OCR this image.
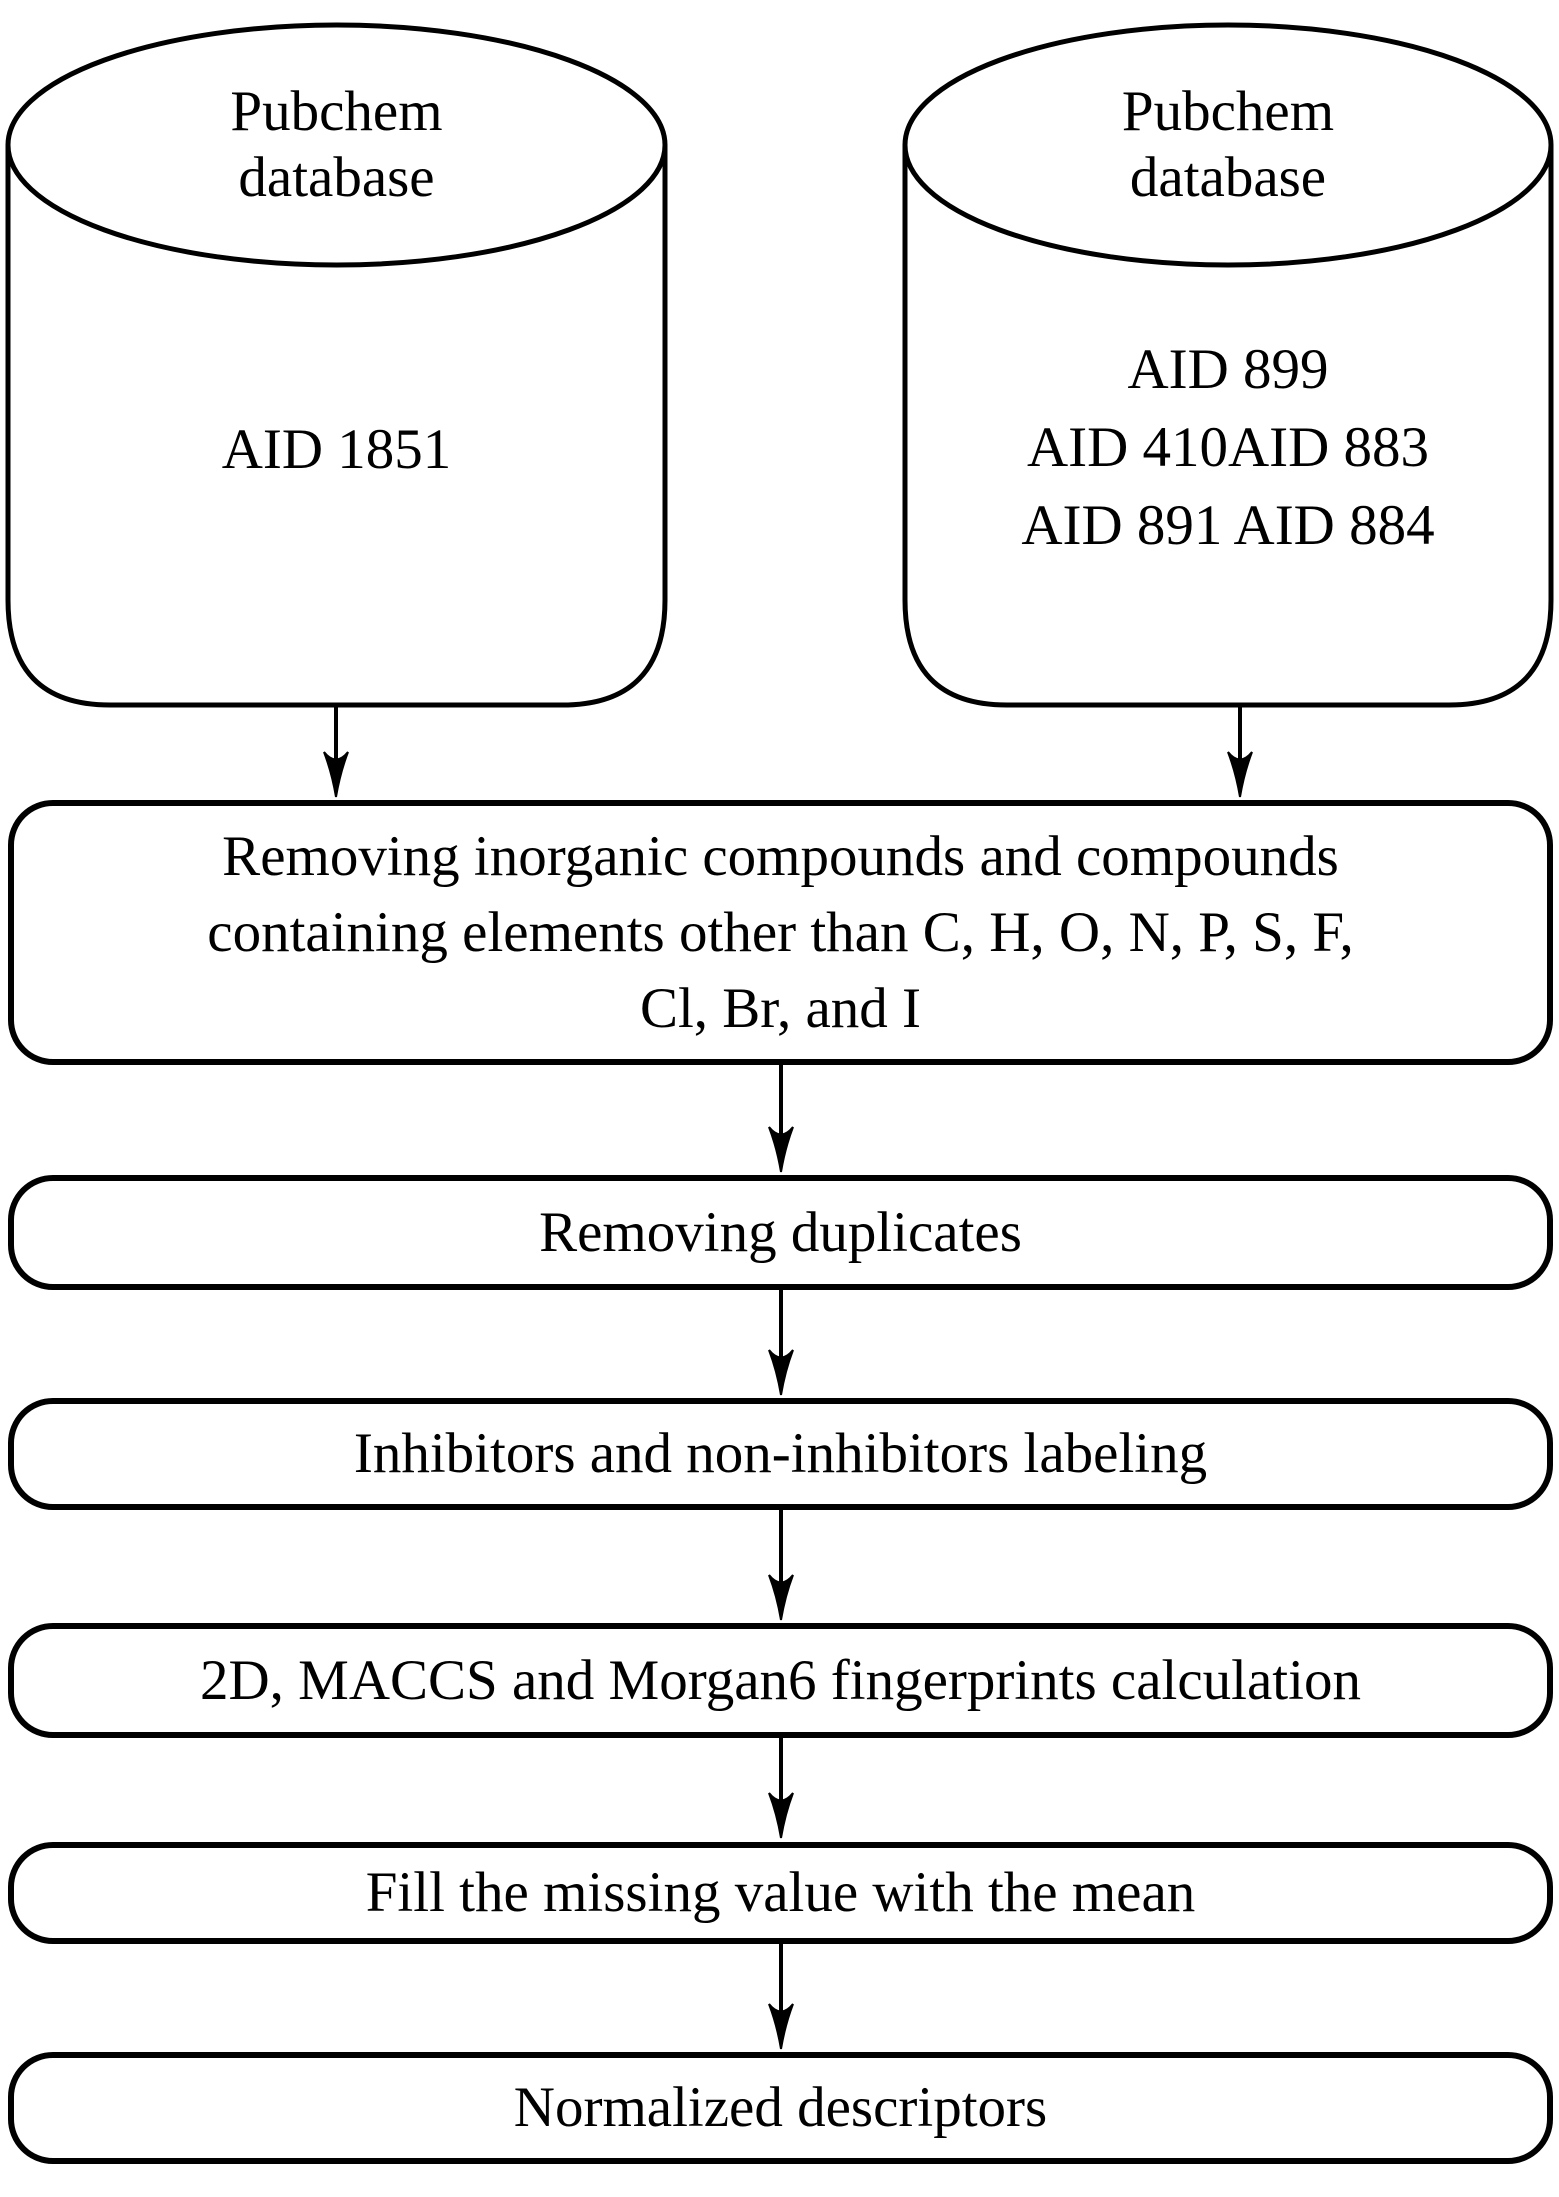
Pubchem
database
AID 1851
Pubchem
database
AID 899
AID 410AID 883
AID 891 AID 884
Removing inorganic compounds and compounds
containing elements other than C, H, O, N, P, S, F,
Cl, Br, and I
Removing duplicates
Inhibitors and non-inhibitors labeling
2D, MACCS and Morgan6 fingerprints calculation
Fill the missing value with the mean
Normalized descriptors
